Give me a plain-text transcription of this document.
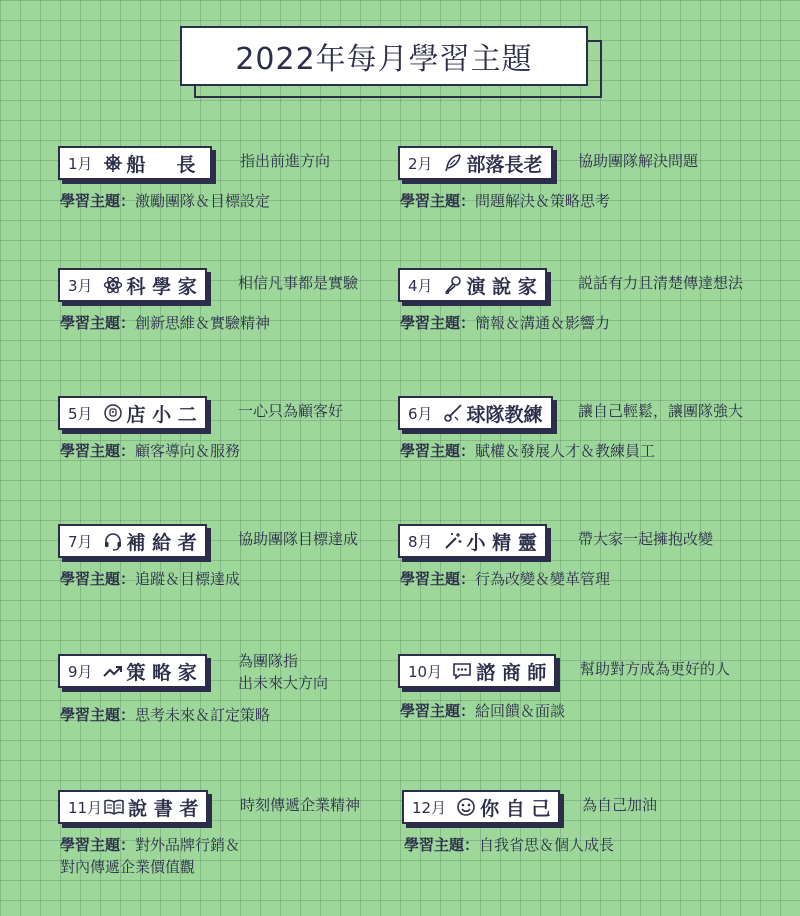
2022年每月學習主題
1月 船　長	指出前進方向
學習主題：激勵團隊＆目標設定
2月 部落長老 協助團隊解決問題
學習主題：問題解決＆策略思考
3月 科 學 家	相信凡事都是實驗
學習主題：創新思維＆實驗精神
4月 演 說 家	説話有力且清楚傳達想法
學習主題：簡報＆溝通＆影響力
5月 店 小 二	一心只為顧客好
學習主題：顧客導向＆服務
6月 球隊教練 讓自己輕鬆，讓團隊強大
學習主題：賦權＆發展人才＆教練員工
7月 補 給 者	協助團隊目標達成
學習主題：追蹤＆目標達成
8月 小 精 靈	帶大家一起擁抱改變
學習主題：行為改變＆變革管理
9月 策 略 家
為團隊指
出未來大方向
學習主題：思考未來＆訂定策略
10月 諮 商 師 幫助對方成為更好的人
學習主題：給回饋＆面談
11月 說 書 者	時刻傳遞企業精神
學習主題：對外品牌行銷＆
對內傳遞企業價值觀
12月 你 自 己 為自己加油
學習主題：自我省思＆個人成長
